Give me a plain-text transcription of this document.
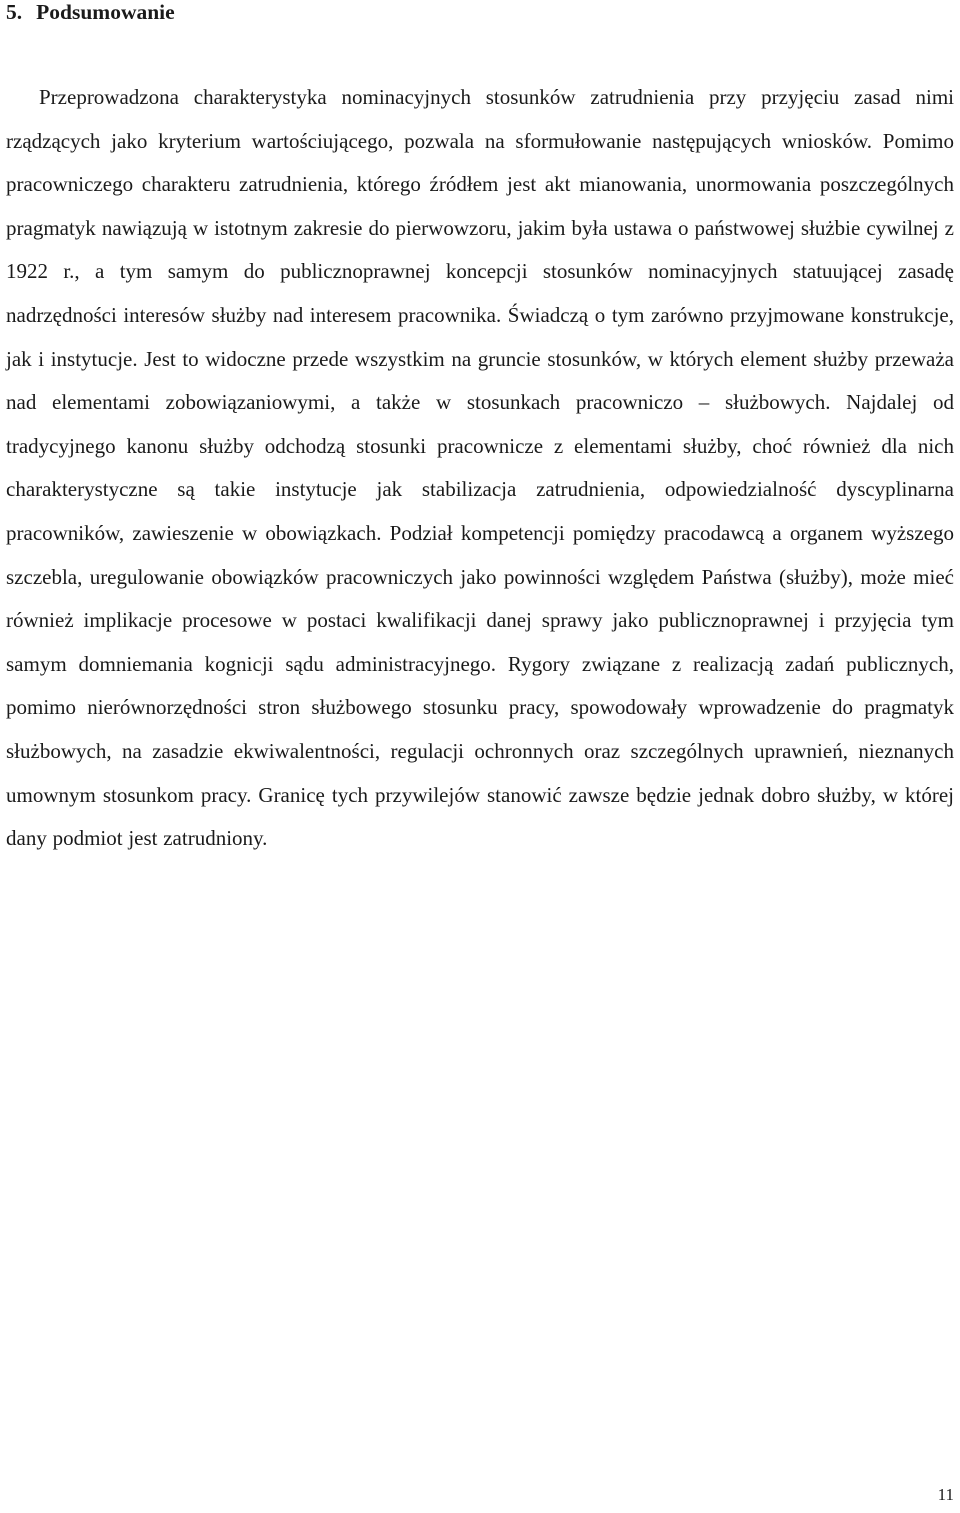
5. Podsumowanie

Przeprowadzona charakterystyka nominacyjnych stosunków zatrudnienia przy przyjęciu zasad nimi rządzących jako kryterium wartościującego, pozwala na sformułowanie następujących wniosków. Pomimo pracowniczego charakteru zatrudnienia, którego źródłem jest akt mianowania, unormowania poszczególnych pragmatyk nawiązują w istotnym zakresie do pierwowzoru, jakim była ustawa o państwowej służbie cywilnej z 1922 r., a tym samym do publicznoprawnej koncepcji stosunków nominacyjnych statuującej zasadę nadrzędności interesów służby nad interesem pracownika. Świadczą o tym zarówno przyjmowane konstrukcje, jak i instytucje. Jest to widoczne przede wszystkim na gruncie stosunków, w których element służby przeważa nad elementami zobowiązaniowymi, a także w stosunkach pracowniczo – służbowych. Najdalej od tradycyjnego kanonu służby odchodzą stosunki pracownicze z elementami służby, choć również dla nich charakterystyczne są takie instytucje jak stabilizacja zatrudnienia, odpowiedzialność dyscyplinarna pracowników, zawieszenie w obowiązkach. Podział kompetencji pomiędzy pracodawcą a organem wyższego szczebla, uregulowanie obowiązków pracowniczych jako powinności względem Państwa (służby), może mieć również implikacje procesowe w postaci kwalifikacji danej sprawy jako publicznoprawnej i przyjęcia tym samym domniemania kognicji sądu administracyjnego. Rygory związane z realizacją zadań publicznych, pomimo nierównorzędności stron służbowego stosunku pracy, spowodowały wprowadzenie do pragmatyk służbowych, na zasadzie ekwiwalentności, regulacji ochronnych oraz szczególnych uprawnień, nieznanych umownym stosunkom pracy. Granicę tych przywilejów stanowić zawsze będzie jednak dobro służby, w której dany podmiot jest zatrudniony.

11
